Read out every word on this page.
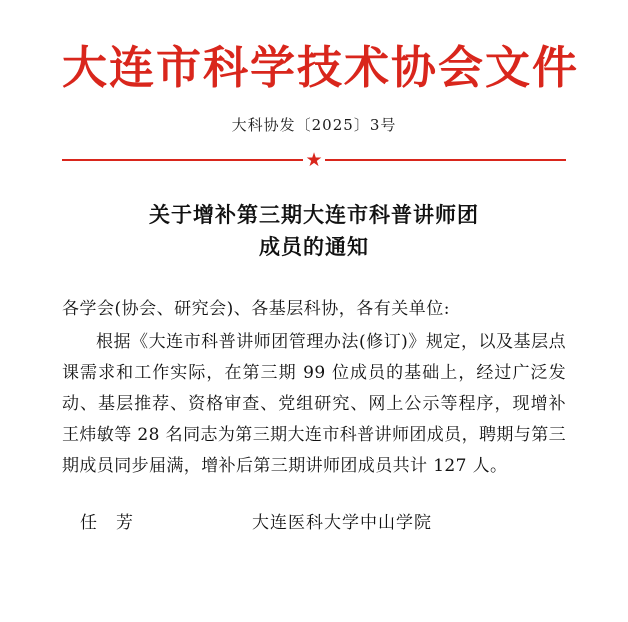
大连市科学技术协会文件
大科协发〔2025〕3号
★
关于增补第三期大连市科普讲师团
成员的通知
各学会(协会、研究会)、各基层科协，各有关单位:
根据《大连市科普讲师团管理办法(修订)》规定，以及基层点课需求和工作实际，在第三期 99 位成员的基础上，经过广泛发动、基层推荐、资格审查、党组研究、网上公示等程序，现增补王炜敏等 28 名同志为第三期大连市科普讲师团成员，聘期与第三期成员同步届满，增补后第三期讲师团成员共计 127 人。
任　芳	大连医科大学中山学院
